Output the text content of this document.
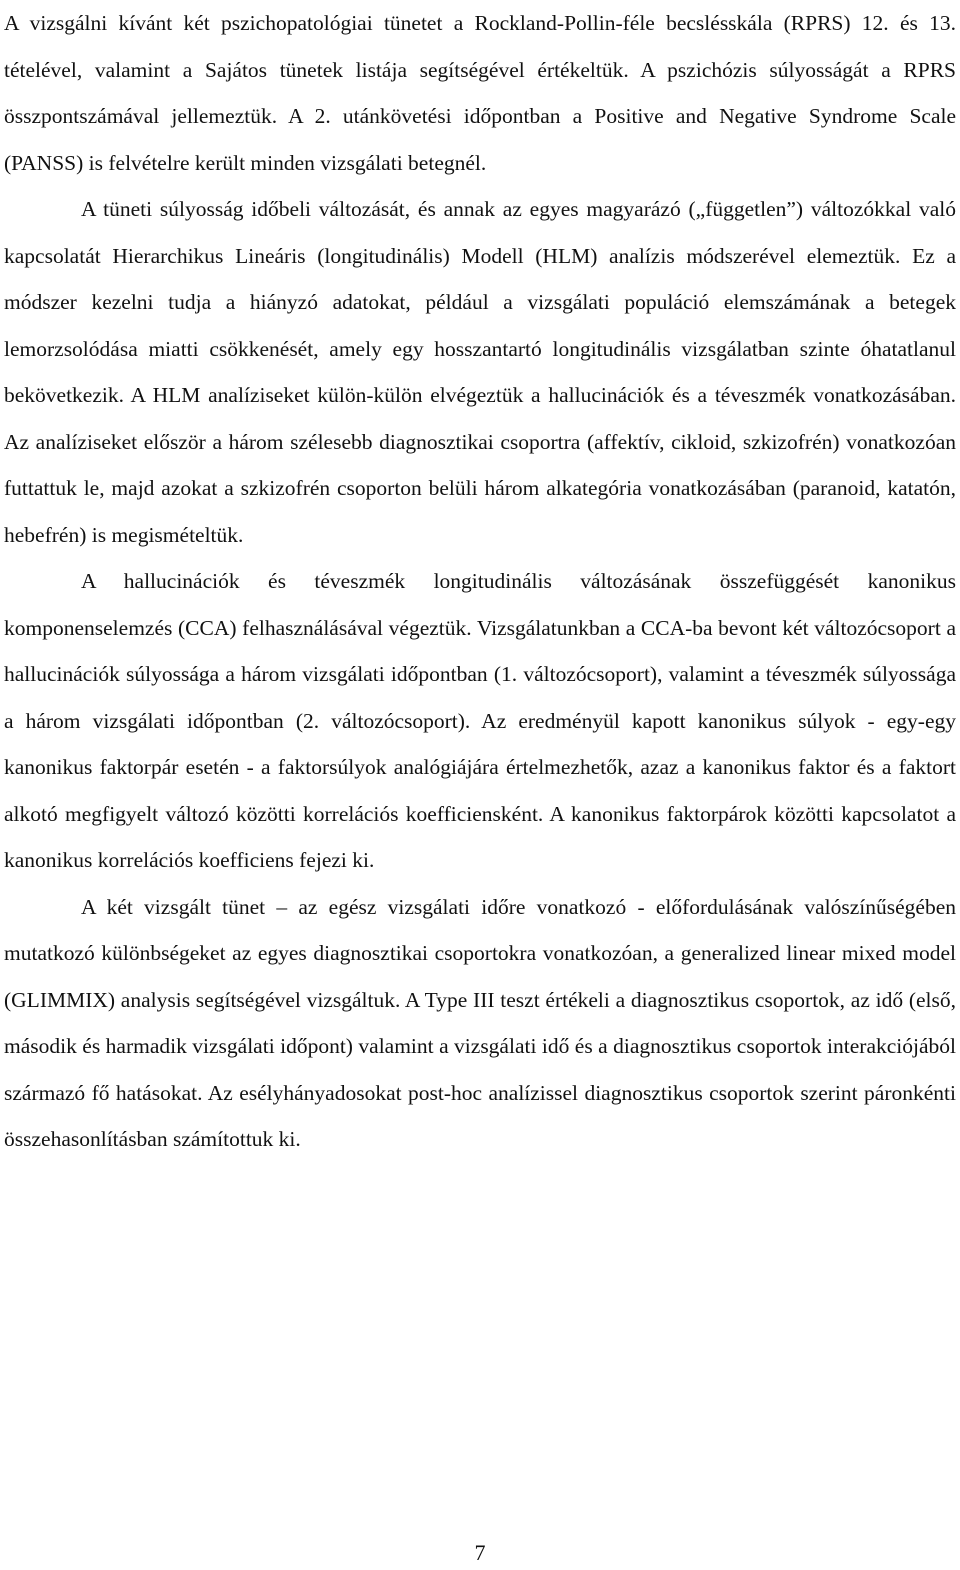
A vizsgálni kívánt két pszichopatológiai tünetet a Rockland-Pollin-féle becslésskála (RPRS) 12. és 13. tételével, valamint a Sajátos tünetek listája segítségével értékeltük. A pszichózis súlyosságát a RPRS összpontszámával jellemeztük. A 2. utánkövetési időpontban a Positive and Negative Syndrome Scale (PANSS) is felvételre került minden vizsgálati betegnél.

A tüneti súlyosság időbeli változását, és annak az egyes magyarázó („független”) változókkal való kapcsolatát Hierarchikus Lineáris (longitudinális) Modell (HLM) analízis módszerével elemeztük. Ez a módszer kezelni tudja a hiányzó adatokat, például a vizsgálati populáció elemszámának a betegek lemorzsolódása miatti csökkenését, amely egy hosszantartó longitudinális vizsgálatban szinte óhatatlanul bekövetkezik. A HLM analíziseket külön-külön elvégeztük a hallucinációk és a téveszmék vonatkozásában. Az analíziseket először a három szélesebb diagnosztikai csoportra (affektív, cikloid, szkizofrén) vonatkozóan futtattuk le, majd azokat a szkizofrén csoporton belüli három alkategória vonatkozásában (paranoid, katatón, hebefrén) is megismételtük.

A hallucinációk és téveszmék longitudinális változásának összefüggését kanonikus komponenselemzés (CCA) felhasználásával végeztük. Vizsgálatunkban a CCA-ba bevont két változócsoport a hallucinációk súlyossága a három vizsgálati időpontban (1. változócsoport), valamint a téveszmék súlyossága a három vizsgálati időpontban (2. változócsoport). Az eredményül kapott kanonikus súlyok - egy-egy kanonikus faktorpár esetén - a faktorsúlyok analógiájára értelmezhetők, azaz a kanonikus faktor és a faktort alkotó megfigyelt változó közötti korrelációs koefficiensként. A kanonikus faktorpárok közötti kapcsolatot a kanonikus korrelációs koefficiens fejezi ki.

A két vizsgált tünet – az egész vizsgálati időre vonatkozó - előfordulásának valószínűségében mutatkozó különbségeket az egyes diagnosztikai csoportokra vonatkozóan, a generalized linear mixed model (GLIMMIX) analysis segítségével vizsgáltuk. A Type III teszt értékeli a diagnosztikus csoportok, az idő (első, második és harmadik vizsgálati időpont) valamint a vizsgálati idő és a diagnosztikus csoportok interakciójából származó fő hatásokat. Az esélyhányadosokat post-hoc analízissel diagnosztikus csoportok szerint páronkénti összehasonlításban számítottuk ki.

7
